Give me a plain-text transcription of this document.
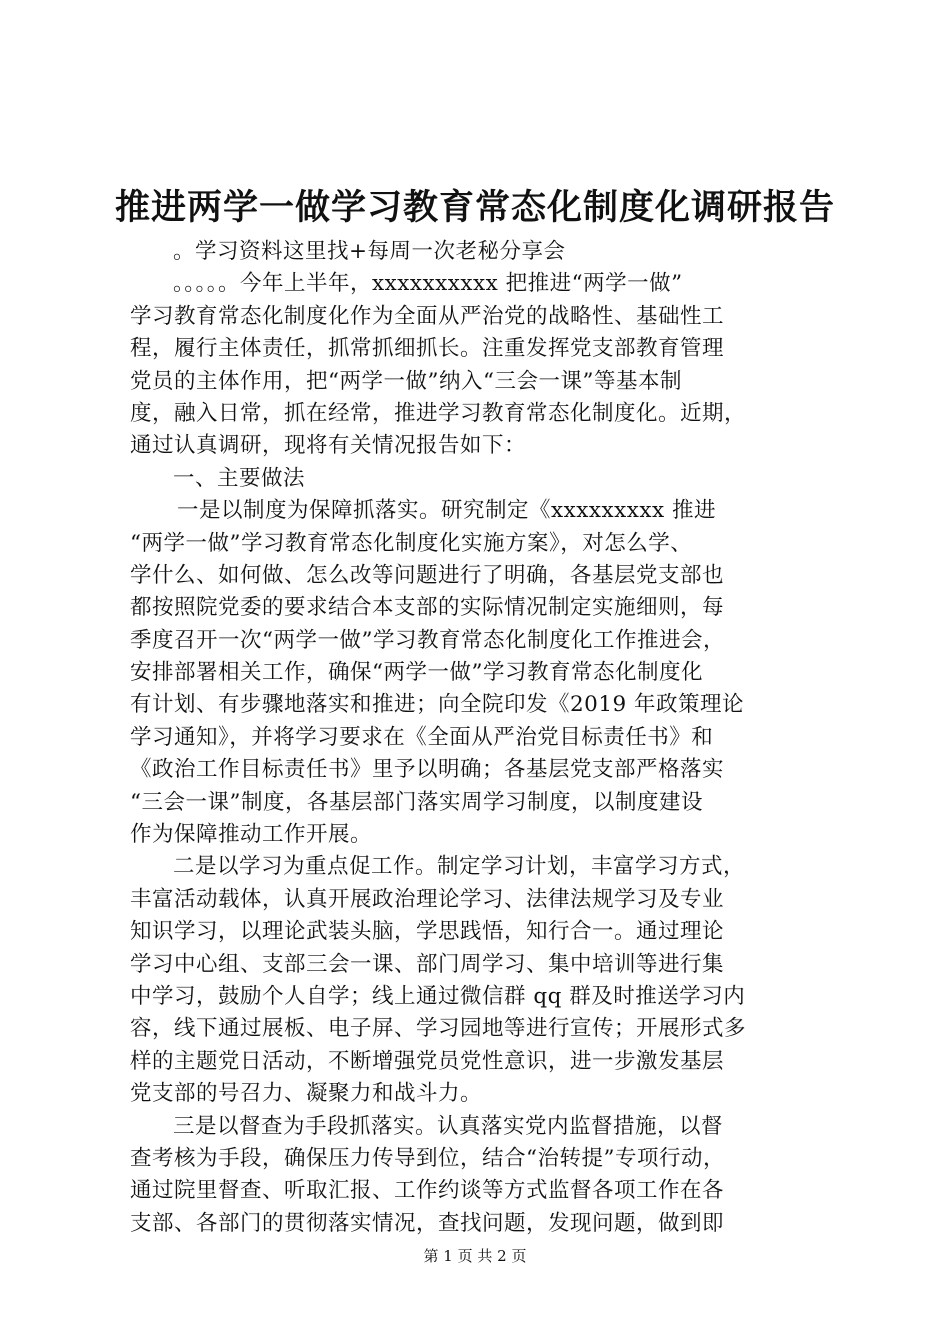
推进两学一做学习教育常态化制度化调研报告
。学习资料这里找+每周一次老秘分享会
。。。。。今年上半年，xxxxxxxxxx 把推进“两学一做”
学习教育常态化制度化作为全面从严治党的战略性、基础性工
程，履行主体责任，抓常抓细抓长。注重发挥党支部教育管理
党员的主体作用，把“两学一做”纳入“三会一课”等基本制
度，融入日常，抓在经常，推进学习教育常态化制度化。近期，
通过认真调研，现将有关情况报告如下：
一、主要做法
一是以制度为保障抓落实。研究制定《xxxxxxxxx 推进
“两学一做”学习教育常态化制度化实施方案》，对怎么学、
学什么、如何做、怎么改等问题进行了明确，各基层党支部也
都按照院党委的要求结合本支部的实际情况制定实施细则，每
季度召开一次“两学一做”学习教育常态化制度化工作推进会，
安排部署相关工作，确保“两学一做”学习教育常态化制度化
有计划、有步骤地落实和推进；向全院印发《2019 年政策理论
学习通知》，并将学习要求在《全面从严治党目标责任书》和
《政治工作目标责任书》里予以明确；各基层党支部严格落实
“三会一课”制度，各基层部门落实周学习制度，以制度建设
作为保障推动工作开展。
二是以学习为重点促工作。制定学习计划，丰富学习方式，
丰富活动载体，认真开展政治理论学习、法律法规学习及专业
知识学习，以理论武装头脑，学思践悟，知行合一。通过理论
学习中心组、支部三会一课、部门周学习、集中培训等进行集
中学习，鼓励个人自学；线上通过微信群 qq 群及时推送学习内
容，线下通过展板、电子屏、学习园地等进行宣传；开展形式多
样的主题党日活动，不断增强党员党性意识，进一步激发基层
党支部的号召力、凝聚力和战斗力。
三是以督查为手段抓落实。认真落实党内监督措施，以督
查考核为手段，确保压力传导到位，结合“治转提”专项行动，
通过院里督查、听取汇报、工作约谈等方式监督各项工作在各
支部、各部门的贯彻落实情况，查找问题，发现问题，做到即
第 1 页 共 2 页
